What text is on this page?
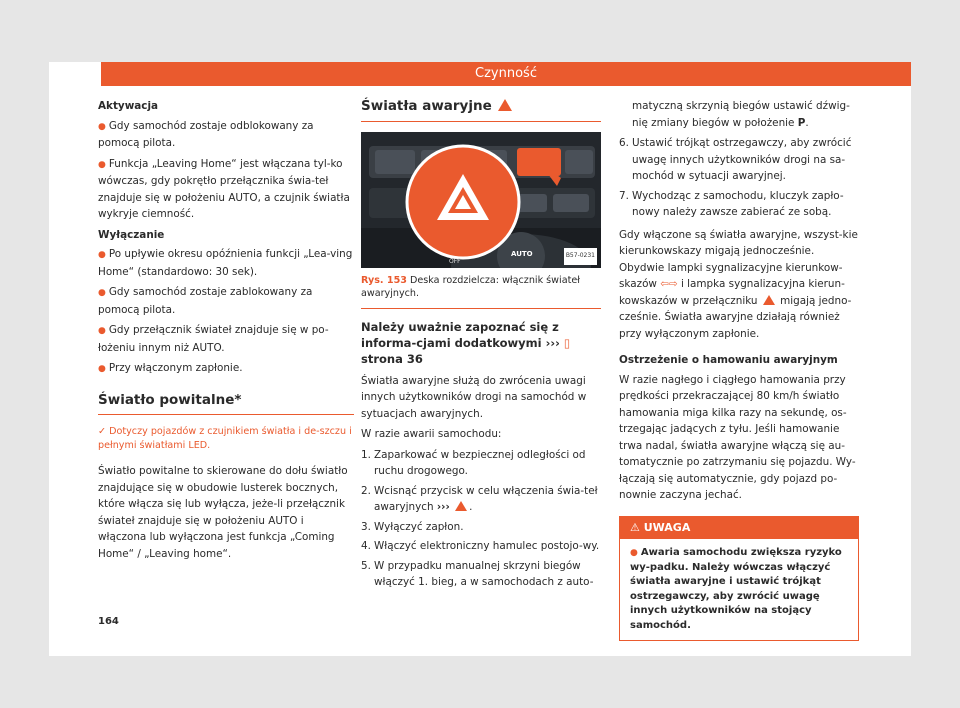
Czynność

Aktywacja

● Gdy samochód zostaje odblokowany za pomocą pilota.

● Funkcja „Leaving Home“ jest włączana tyl-ko wówczas, gdy pokrętło przełącznika świa-teł znajduje się w położeniu AUTO, a czujnik światła wykryje ciemność.

Wyłączanie

● Po upływie okresu opóźnienia funkcji „Lea-ving Home“ (standardowo: 30 sek).

● Gdy samochód zostaje zablokowany za pomocą pilota.

● Gdy przełącznik świateł znajduje się w po-łożeniu innym niż AUTO.

● Przy włączonym zapłonie.

Światło powitalne*

✓ Dotyczy pojazdów z czujnikiem światła i de-szczu i pełnymi światłami LED.

Światło powitalne to skierowane do dołu światło znajdujące się w obudowie lusterek bocznych, które włącza się lub wyłącza, jeże-li przełącznik świateł znajduje się w położeniu AUTO i włączona lub wyłączona jest funkcja „Coming Home“ / „Leaving home“.

Światła awaryjne
OFF
AUTO	B57-0231
Rys. 153 Deska rozdzielcza: włącznik świateł awaryjnych.
Należy uważnie zapoznać się z informa-cjami dodatkowymi ››› ▯ strona 36

Światła awaryjne służą do zwrócenia uwagi innych użytkowników drogi na samochód w sytuacjach awaryjnych.

W razie awarii samochodu:

1. Zaparkować w bezpiecznej odległości od ruchu drogowego.
2. Wcisnąć przycisk w celu włączenia świa-teł awaryjnych ››› .
3. Wyłączyć zapłon.
4. Włączyć elektroniczny hamulec postojo-wy.
5. W przypadku manualnej skrzyni biegów włączyć 1. bieg, a w samochodach z auto-

matyczną skrzynią biegów ustawić dźwig-nię zmiany biegów w położenie P.

6. Ustawić trójkąt ostrzegawczy, aby zwrócić uwagę innych użytkowników drogi na sa-mochód w sytuacji awaryjnej.
7. Wychodząc z samochodu, kluczyk zapło-nowy należy zawsze zabierać ze sobą.

Gdy włączone są światła awaryjne, wszyst-kie kierunkowskazy migają jednocześnie. Obydwie lampki sygnalizacyjne kierunkow-skazów ⇦⇨ i lampka sygnalizacyjna kierun-kowskazów w przełączniku migają jedno-cześnie. Światła awaryjne działają również przy wyłączonym zapłonie.

Ostrzeżenie o hamowaniu awaryjnym

W razie nagłego i ciągłego hamowania przy prędkości przekraczającej 80 km/h światło hamowania miga kilka razy na sekundę, os-trzegając jadących z tyłu. Jeśli hamowanie trwa nadal, światła awaryjne włączą się au-tomatycznie po zatrzymaniu się pojazdu. Wy-łączają się automatycznie, gdy pojazd po-nownie zaczyna jechać.

⚠ UWAGA
● Awaria samochodu zwiększa ryzyko wy-padku. Należy wówczas włączyć światła awaryjne i ustawić trójkąt ostrzegawczy, aby zwrócić uwagę innych użytkowników na stojący samochód.
164
